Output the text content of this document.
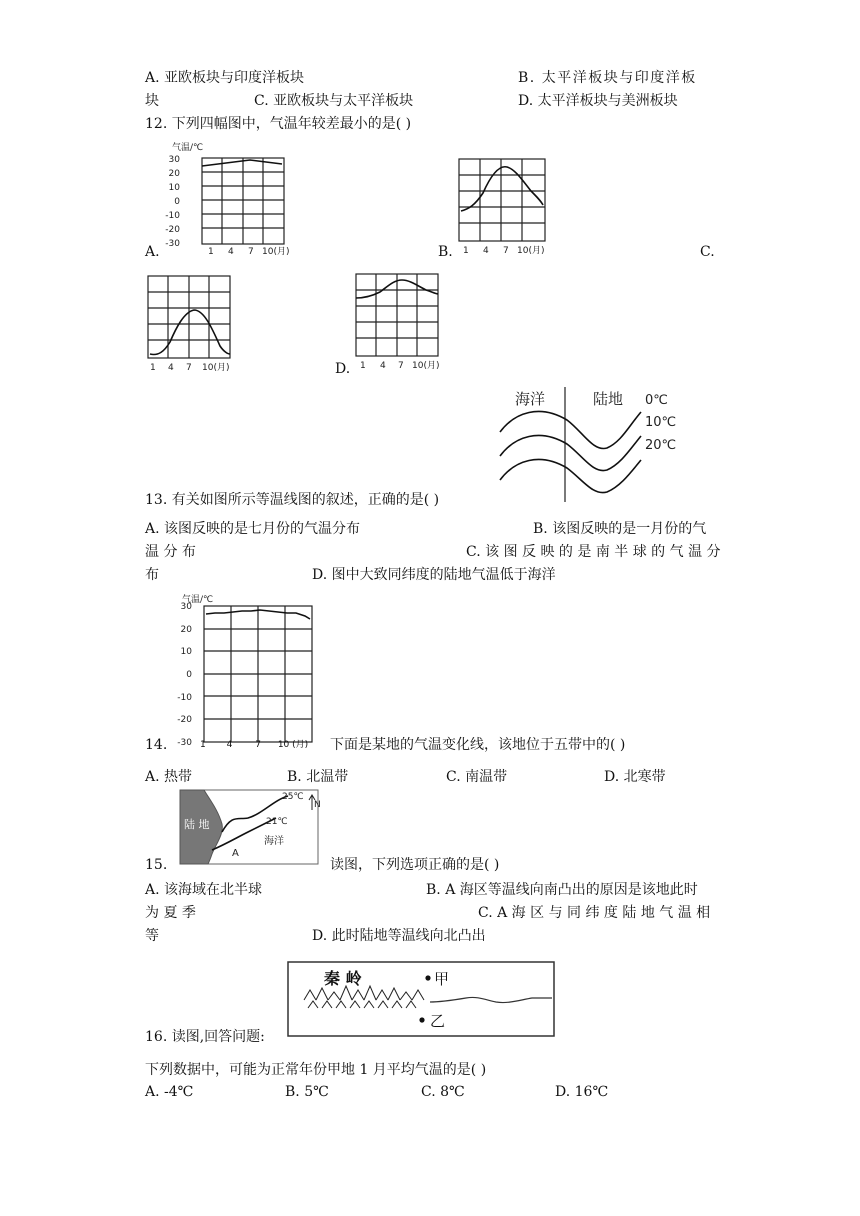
A. 亚欧板块与印度洋板块	B. 太平洋板块与印度洋板
块	C. 亚欧板块与太平洋板块	D. 太平洋板块与美洲板块
12. 下列四幅图中，气温年较差最小的是( )
气温/℃
30
20
10
0
-10
-20
-30
1 4 7 10(月)
A.	1 4 7 10(月)
B.	C.
1 4 7 10(月)	1 4 7 10(月)
D.
海洋	陆地 0℃
10℃
20℃
13. 有关如图所示等温线图的叙述，正确的是( )
A. 该图反映的是七月份的气温分布	B. 该图反映的是一月份的气
温 分 布	C. 该 图 反 映 的 是 南 半 球 的 气 温 分
布	D. 图中大致同纬度的陆地气温低于海洋
气温/℃
30
20
10
0
-10
-20
-30 1 4	7 10 (月)
14.	下面是某地的气温变化线，该地位于五带中的( )
A. 热带	B. 北温带	C. 南温带	D. 北寒带
陆 地
25℃
21℃
A
海洋
N
15.	读图，下列选项正确的是( )
A. 该海域在北半球	B. A 海区等温线向南凸出的原因是该地此时
为 夏 季	C. A 海 区 与 同 纬 度 陆 地 气 温 相
等	D. 此时陆地等温线向北凸出
秦 岭	甲
乙
16. 读图,回答问题:
下列数据中，可能为正常年份甲地 1 月平均气温的是( )
A. -4℃	B. 5℃	C. 8℃	D. 16℃
